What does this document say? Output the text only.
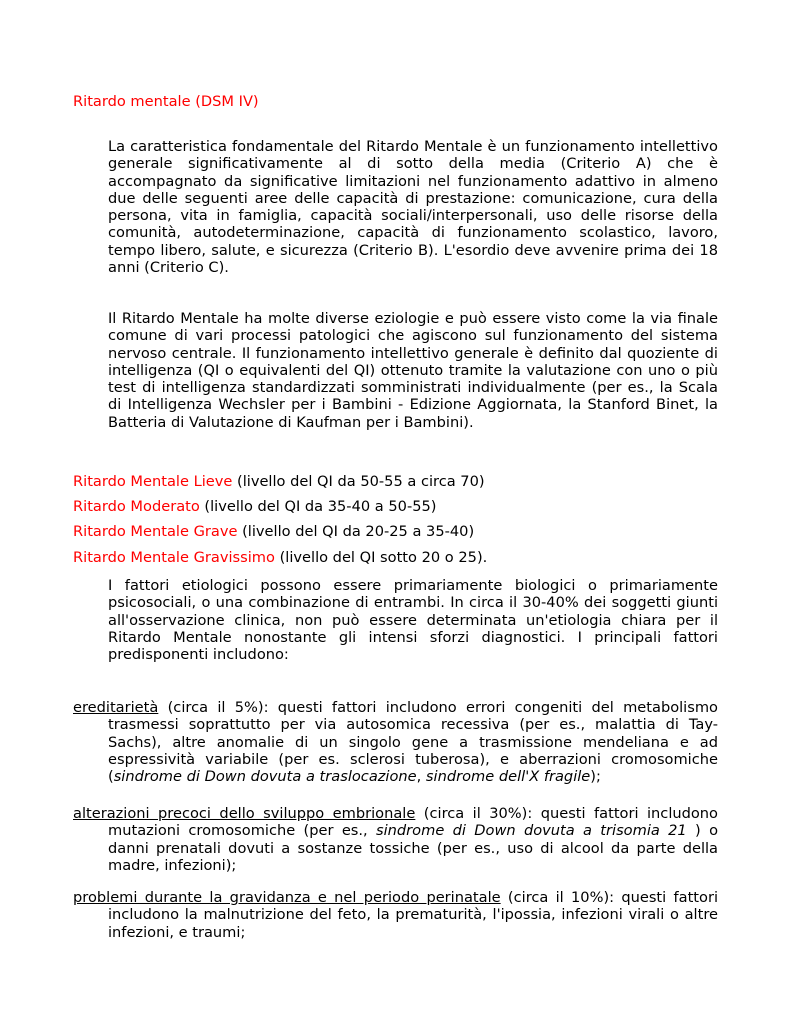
Ritardo mentale (DSM IV)
La caratteristica fondamentale del Ritardo Mentale è un funzionamento intellettivo generale significativamente al di sotto della media (Criterio A) che è accompagnato da significative limitazioni nel funzionamento adattivo in almeno due delle seguenti aree delle capacità di prestazione: comunicazione, cura della persona, vita in famiglia, capacità sociali/interpersonali, uso delle risorse della comunità, autodeterminazione, capacità di funzionamento scolastico, lavoro, tempo libero, salute, e sicurezza (Criterio B). L'esordio deve avvenire prima dei 18 anni (Criterio C).
Il Ritardo Mentale ha molte diverse eziologie e può essere visto come la via finale comune di vari processi patologici che agiscono sul funzionamento del sistema nervoso centrale. Il funzionamento intellettivo generale è definito dal quoziente di intelligenza (QI o equivalenti del QI) ottenuto tramite la valutazione con uno o più test di intelligenza standardizzati somministrati individualmente (per es., la Scala di Intelligenza Wechsler per i Bambini - Edizione Aggiornata, la Stanford Binet, la Batteria di Valutazione di Kaufman per i Bambini).
Ritardo Mentale Lieve (livello del QI da 50-55 a circa 70)
Ritardo Moderato (livello del QI da 35-40 a 50-55)
Ritardo Mentale Grave (livello del QI da 20-25 a 35-40)
Ritardo Mentale Gravissimo (livello del QI sotto 20 o 25).
I fattori etiologici possono essere primariamente biologici o primariamente psicosociali, o una combinazione di entrambi. In circa il 30-40% dei soggetti giunti all'osservazione clinica, non può essere determinata un'etiologia chiara per il Ritardo Mentale nonostante gli intensi sforzi diagnostici. I principali fattori predisponenti includono:
ereditarietà (circa il 5%): questi fattori includono errori congeniti del metabolismo trasmessi soprattutto per via autosomica recessiva (per es., malattia di Tay-Sachs), altre anomalie di un singolo gene a trasmissione mendeliana e ad espressività variabile (per es. sclerosi tuberosa), e aberrazioni cromosomiche (sindrome di Down dovuta a traslocazione, sindrome dell'X fragile);
alterazioni precoci dello sviluppo embrionale (circa il 30%): questi fattori includono mutazioni cromosomiche (per es., sindrome di Down dovuta a trisomia 21 ) o danni prenatali dovuti a sostanze tossiche (per es., uso di alcool da parte della madre, infezioni);
problemi durante la gravidanza e nel periodo perinatale (circa il 10%): questi fattori includono la malnutrizione del feto, la prematurità, l'ipossia, infezioni virali o altre infezioni, e traumi;
